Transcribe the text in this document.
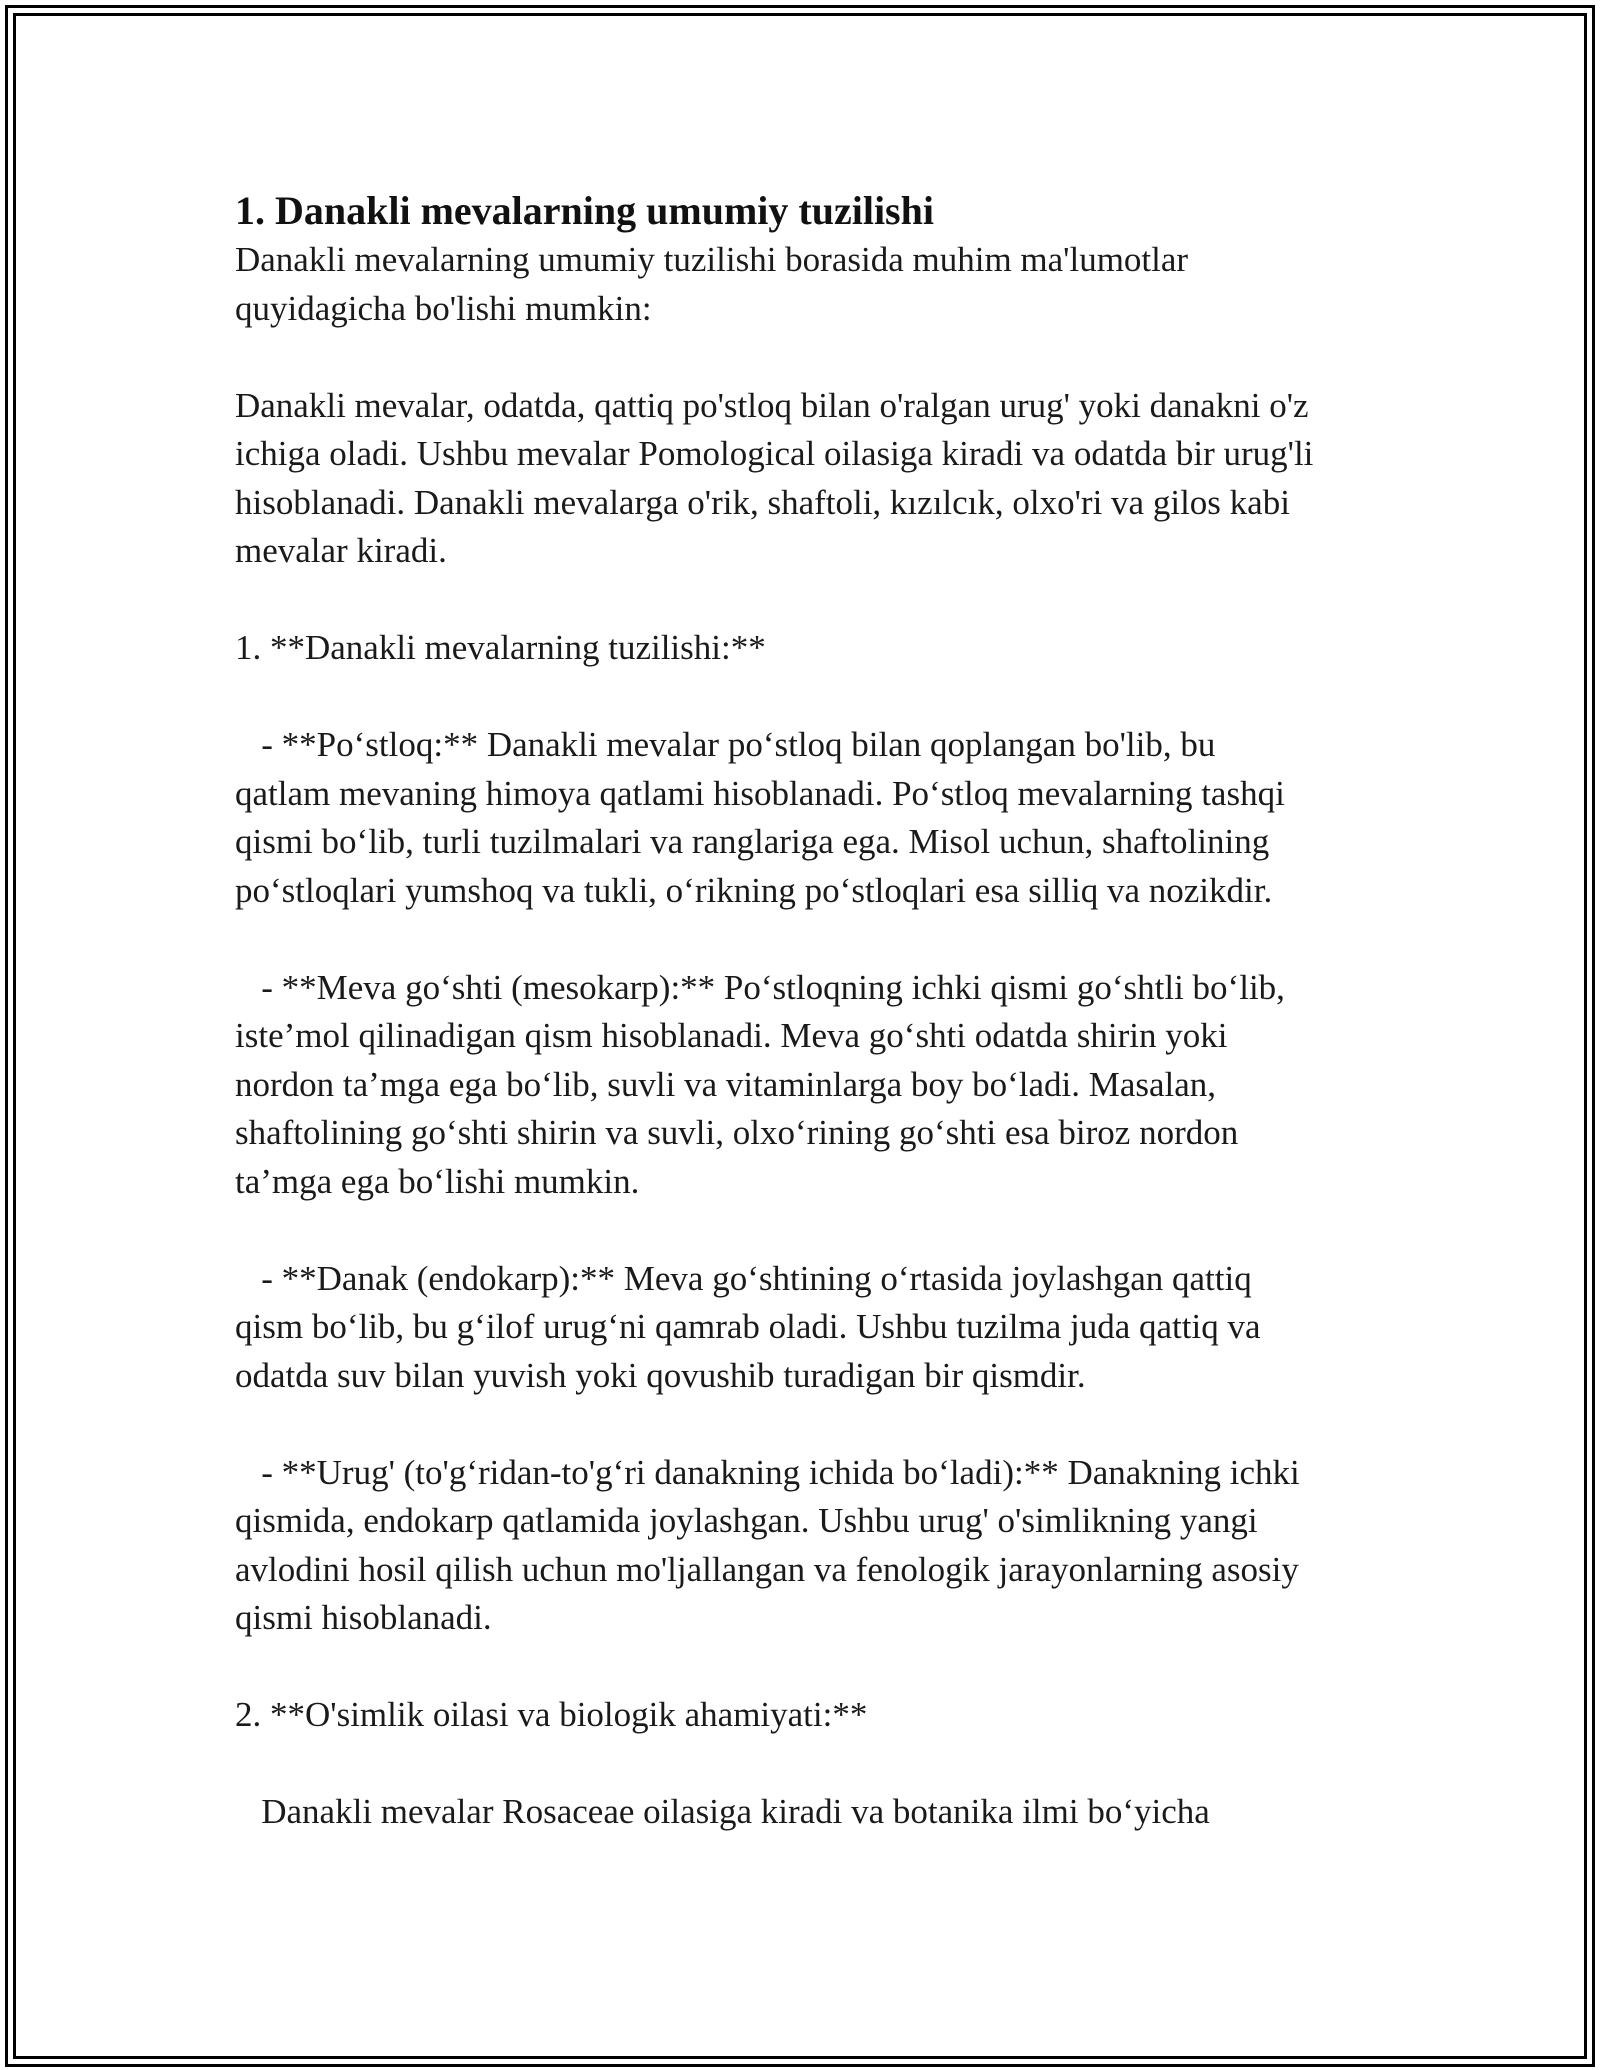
1. Danakli mevalarning umumiy tuzilishi

Danakli mevalarning umumiy tuzilishi borasida muhim ma'lumotlar
quyidagicha bo'lishi mumkin:

Danakli mevalar, odatda, qattiq po'stloq bilan o'ralgan urug' yoki danakni o'z
ichiga oladi. Ushbu mevalar Pomological oilasiga kiradi va odatda bir urug'li
hisoblanadi. Danakli mevalarga o'rik, shaftoli, kızılcık, olxo'ri va gilos kabi
mevalar kiradi.

1. **Danakli mevalarning tuzilishi:**

- **Poʻstloq:** Danakli mevalar poʻstloq bilan qoplangan bo'lib, bu
qatlam mevaning himoya qatlami hisoblanadi. Poʻstloq mevalarning tashqi
qismi boʻlib, turli tuzilmalari va ranglariga ega. Misol uchun, shaftolining
poʻstloqlari yumshoq va tukli, oʻrikning poʻstloqlari esa silliq va nozikdir.

- **Meva goʻshti (mesokarp):** Poʻstloqning ichki qismi goʻshtli boʻlib,
iste’mol qilinadigan qism hisoblanadi. Meva goʻshti odatda shirin yoki
nordon ta’mga ega boʻlib, suvli va vitaminlarga boy boʻladi. Masalan,
shaftolining goʻshti shirin va suvli, olxoʻrining goʻshti esa biroz nordon
ta’mga ega boʻlishi mumkin.

- **Danak (endokarp):** Meva goʻshtining oʻrtasida joylashgan qattiq
qism boʻlib, bu gʻilof urugʻni qamrab oladi. Ushbu tuzilma juda qattiq va
odatda suv bilan yuvish yoki qovushib turadigan bir qismdir.

- **Urug' (to'gʻridan-to'gʻri danakning ichida boʻladi):** Danakning ichki
qismida, endokarp qatlamida joylashgan. Ushbu urug' o'simlikning yangi
avlodini hosil qilish uchun mo'ljallangan va fenologik jarayonlarning asosiy
qismi hisoblanadi.

2. **O'simlik oilasi va biologik ahamiyati:**

Danakli mevalar Rosaceae oilasiga kiradi va botanika ilmi boʻyicha
